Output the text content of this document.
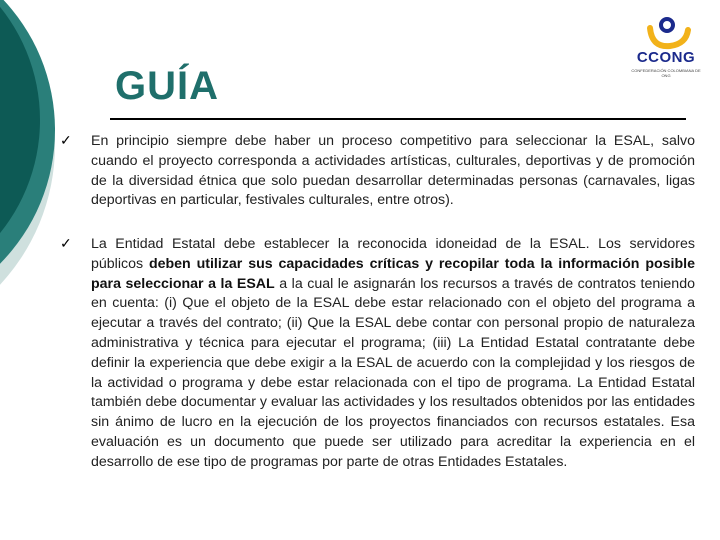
CCONG
CONFEDERACIÓN COLOMBIANA DE ONG
GUÍA
✓ En principio siempre debe haber un proceso competitivo para seleccionar la ESAL, salvo cuando el proyecto corresponda a actividades artísticas, culturales, deportivas y de promoción de la diversidad étnica que solo puedan desarrollar determinadas personas (carnavales, ligas deportivas en particular, festivales culturales, entre otros).

✓ La Entidad Estatal debe establecer la reconocida idoneidad de la ESAL. Los servidores públicos deben utilizar sus capacidades críticas y recopilar toda la información posible para seleccionar a la ESAL a la cual le asignarán los recursos a través de contratos teniendo en cuenta: (i) Que el objeto de la ESAL debe estar relacionado con el objeto del programa a ejecutar a través del contrato; (ii) Que la ESAL debe contar con personal propio de naturaleza administrativa y técnica para ejecutar el programa; (iii) La Entidad Estatal contratante debe definir la experiencia que debe exigir a la ESAL de acuerdo con la complejidad y los riesgos de la actividad o programa y debe estar relacionada con el tipo de programa. La Entidad Estatal también debe documentar y evaluar las actividades y los resultados obtenidos por las entidades sin ánimo de lucro en la ejecución de los proyectos financiados con recursos estatales. Esa evaluación es un documento que puede ser utilizado para acreditar la experiencia en el desarrollo de ese tipo de programas por parte de otras Entidades Estatales.
